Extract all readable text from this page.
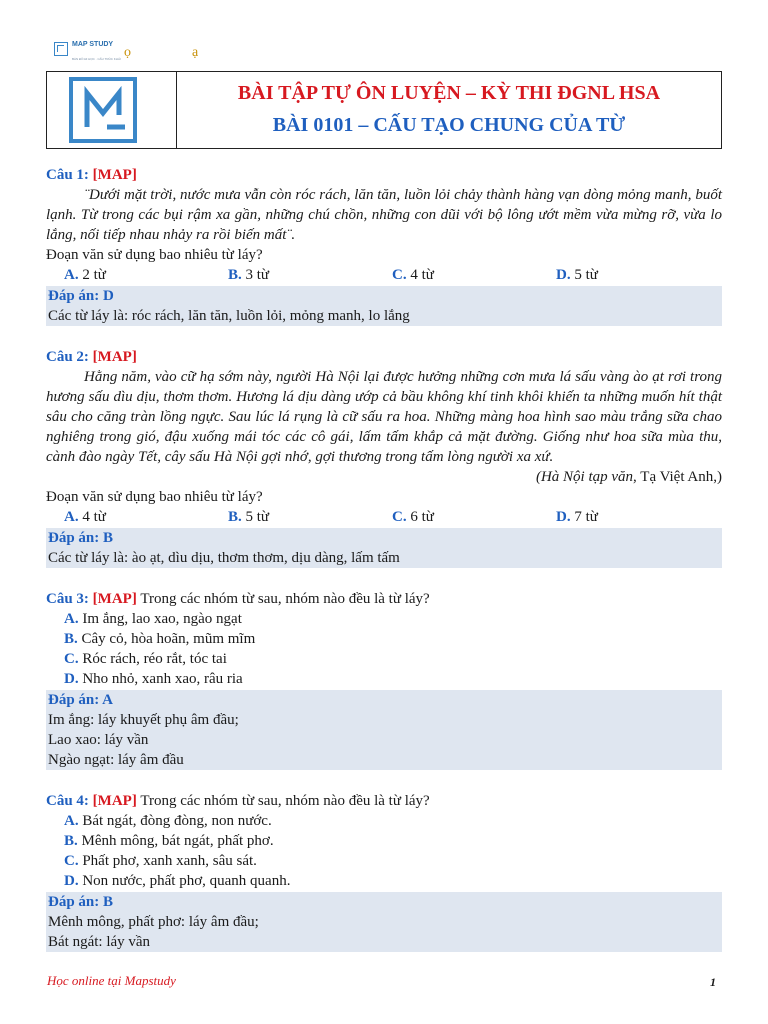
MAP STUDY
BẢN ĐỒ ĐI HỌC · CẤU TRÚC KHÁI ọ	ạ
BÀI TẬP TỰ ÔN LUYỆN – KỲ THI ĐGNL HSA
BÀI 0101 – CẤU TẠO CHUNG CỦA TỪ
Câu 1: [MAP]

¨Dưới mặt trời, nước mưa vẫn còn róc rách, lăn tăn, luồn lỏi chảy thành hàng vạn dòng mỏng manh, buốt lạnh. Từ trong các bụi rậm xa gần, những chú chồn, những con dũi với bộ lông ướt mềm vừa mừng rỡ, vừa lo lắng, nối tiếp nhau nhảy ra rồi biến mất¨.

Đoạn văn sử dụng bao nhiêu từ láy?
A. 2 từ	B. 3 từ	C. 4 từ	D. 5 từ
Đáp án: D
Các từ láy là: róc rách, lăn tăn, luồn lỏi, mỏng manh, lo lắng
Câu 2: [MAP]

Hằng năm, vào cữ hạ sớm này, người Hà Nội lại được hưởng những cơn mưa lá sấu vàng ào ạt rơi trong hương sấu dìu dịu, thơm thơm. Hương lá dịu dàng ướp cả bầu không khí tinh khôi khiến ta những muốn hít thật sâu cho căng tràn lồng ngực. Sau lúc lá rụng là cữ sấu ra hoa. Những màng hoa hình sao màu trắng sữa chao nghiêng trong gió, đậu xuống mái tóc các cô gái, lấm tấm khắp cả mặt đường. Giống như hoa sữa mùa thu, cành đào ngày Tết, cây sấu Hà Nội gợi nhớ, gợi thương trong tấm lòng người xa xứ.

(Hà Nội tạp văn, Tạ Việt Anh,)
Đoạn văn sử dụng bao nhiêu từ láy?
A. 4 từ	B. 5 từ	C. 6 từ	D. 7 từ
Đáp án: B
Các từ láy là: ào ạt, dìu dịu, thơm thơm, dịu dàng, lấm tấm
Câu 3: [MAP] Trong các nhóm từ sau, nhóm nào đều là từ láy?
A. Im ắng, lao xao, ngào ngạt
B. Cây cỏ, hòa hoãn, mũm mĩm
C. Róc rách, réo rắt, tóc tai
D. Nho nhỏ, xanh xao, râu ria
Đáp án: A
Im ắng: láy khuyết phụ âm đầu;
Lao xao: láy vần
Ngào ngạt: láy âm đầu
Câu 4: [MAP] Trong các nhóm từ sau, nhóm nào đều là từ láy?
A. Bát ngát, đòng đòng, non nước.
B. Mênh mông, bát ngát, phất phơ.
C. Phất phơ, xanh xanh, sâu sát.
D. Non nước, phất phơ, quanh quanh.
Đáp án: B
Mênh mông, phất phơ: láy âm đầu;
Bát ngát: láy vần
Học online tại Mapstudy	1
